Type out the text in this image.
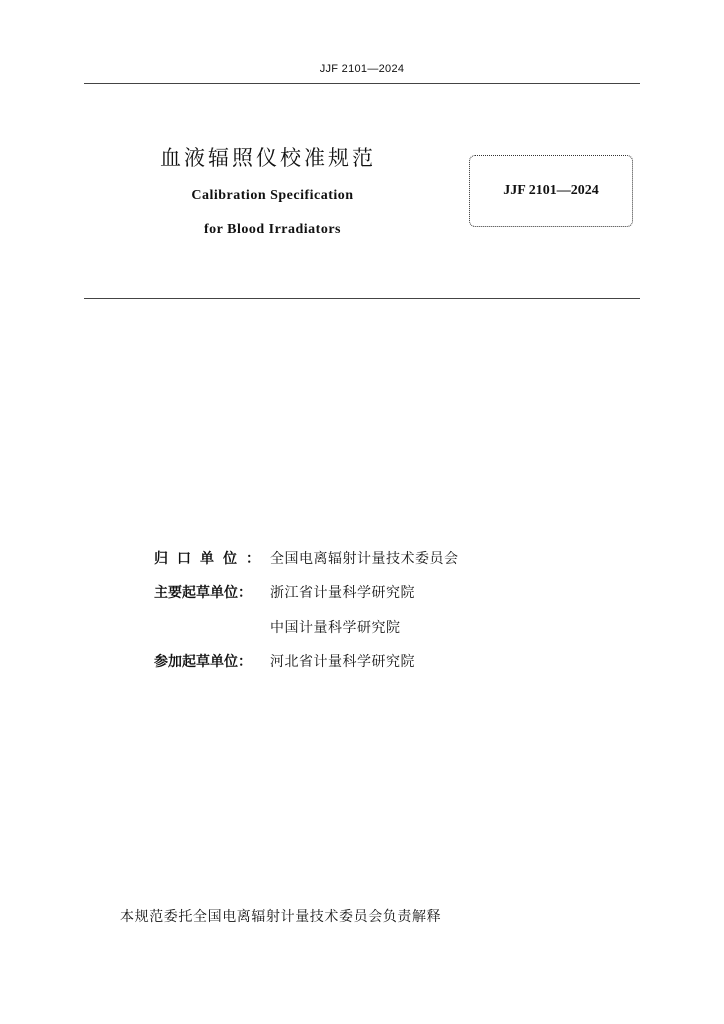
JJF 2101—2024
血液辐照仪校准规范
Calibration Specification
for Blood Irradiators
JJF 2101—2024
归口单位：全国电离辐射计量技术委员会
主要起草单位： 浙江省计量科学研究院
中国计量科学研究院
参加起草单位： 河北省计量科学研究院
本规范委托全国电离辐射计量技术委员会负责解释
